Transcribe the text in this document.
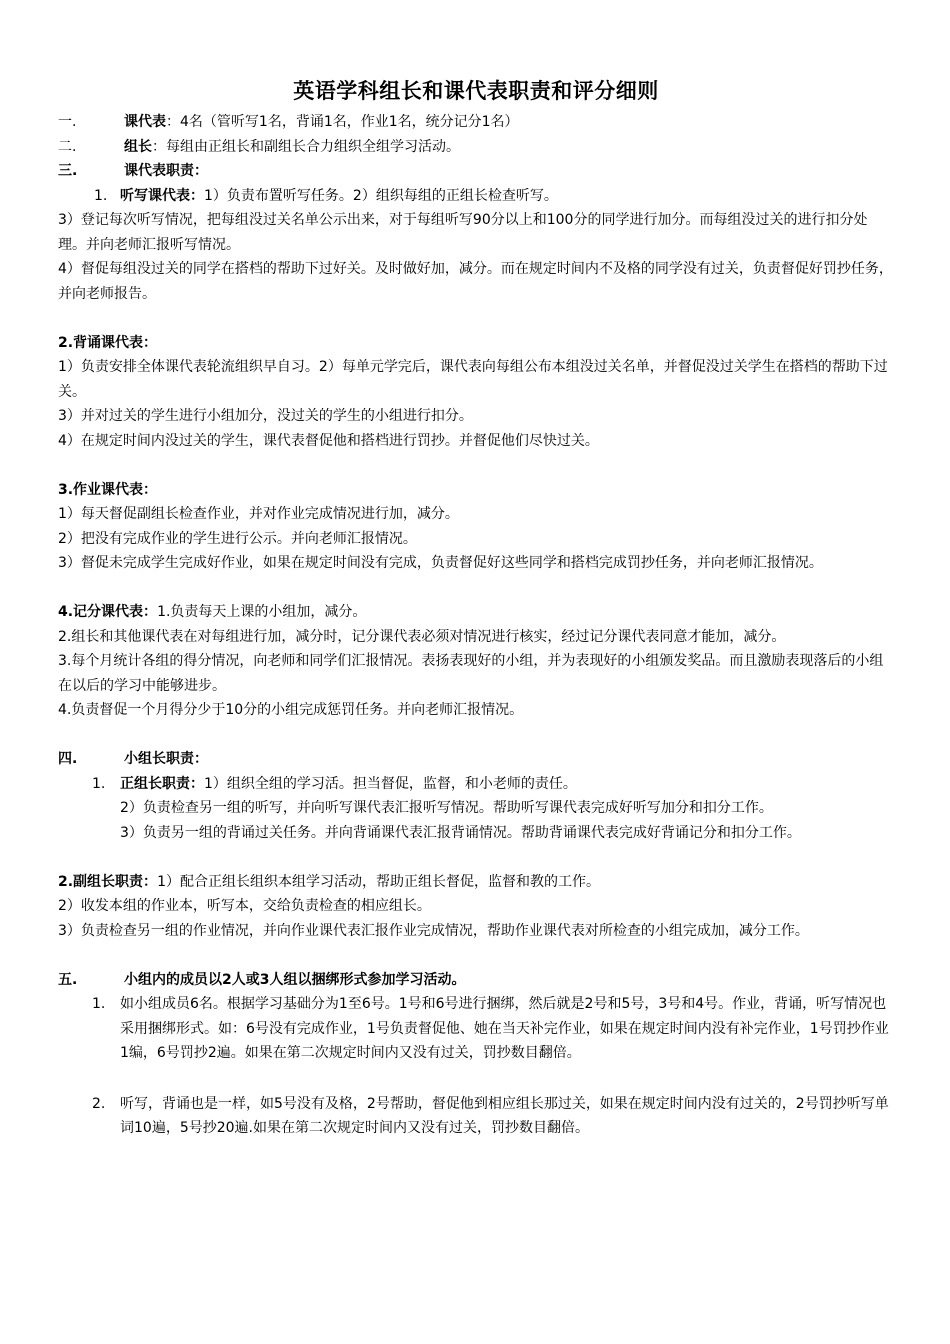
英语学科组长和课代表职责和评分细则

一.	课代表：4名（管听写1名，背诵1名，作业1名，统分记分1名）

二.	组长：每组由正组长和副组长合力组织全组学习活动。

三.	课代表职责：

1. 听写课代表：1）负责布置听写任务。2）组织每组的正组长检查听写。

3）登记每次听写情况，把每组没过关名单公示出来，对于每组听写90分以上和100分的同学进行加分。而每组没过关的进行扣分处理。并向老师汇报听写情况。

4）督促每组没过关的同学在搭档的帮助下过好关。及时做好加，减分。而在规定时间内不及格的同学没有过关，负责督促好罚抄任务，并向老师报告。

2.背诵课代表：

1）负责安排全体课代表轮流组织早自习。2）每单元学完后，课代表向每组公布本组没过关名单，并督促没过关学生在搭档的帮助下过关。

3）并对过关的学生进行小组加分，没过关的学生的小组进行扣分。

4）在规定时间内没过关的学生，课代表督促他和搭档进行罚抄。并督促他们尽快过关。

3.作业课代表：

1）每天督促副组长检查作业，并对作业完成情况进行加，减分。

2）把没有完成作业的学生进行公示。并向老师汇报情况。

3）督促未完成学生完成好作业，如果在规定时间没有完成，负责督促好这些同学和搭档完成罚抄任务，并向老师汇报情况。

4.记分课代表：1.负责每天上课的小组加，减分。

2.组长和其他课代表在对每组进行加，减分时，记分课代表必须对情况进行核实，经过记分课代表同意才能加，减分。

3.每个月统计各组的得分情况，向老师和同学们汇报情况。表扬表现好的小组，并为表现好的小组颁发奖品。而且激励表现落后的小组在以后的学习中能够进步。

4.负责督促一个月得分少于10分的小组完成惩罚任务。并向老师汇报情况。

四.	小组长职责：

1. 正组长职责：1）组织全组的学习活。担当督促，监督，和小老师的责任。

2）负责检查另一组的听写，并向听写课代表汇报听写情况。帮助听写课代表完成好听写加分和扣分工作。

3）负责另一组的背诵过关任务。并向背诵课代表汇报背诵情况。帮助背诵课代表完成好背诵记分和扣分工作。

2.副组长职责：1）配合正组长组织本组学习活动，帮助正组长督促，监督和教的工作。

2）收发本组的作业本，听写本，交给负责检查的相应组长。

3）负责检查另一组的作业情况，并向作业课代表汇报作业完成情况，帮助作业课代表对所检查的小组完成加，减分工作。

五.	小组内的成员以2人或3人组以捆绑形式参加学习活动。

1. 如小组成员6名。根据学习基础分为1至6号。1号和6号进行捆绑，然后就是2号和5号，3号和4号。作业，背诵，听写情况也采用捆绑形式。如：6号没有完成作业，1号负责督促他、她在当天补完作业，如果在规定时间内没有补完作业，1号罚抄作业1编，6号罚抄2遍。如果在第二次规定时间内又没有过关，罚抄数目翻倍。

2. 听写，背诵也是一样，如5号没有及格，2号帮助，督促他到相应组长那过关，如果在规定时间内没有过关的，2号罚抄听写单词10遍，5号抄20遍.如果在第二次规定时间内又没有过关，罚抄数目翻倍。
